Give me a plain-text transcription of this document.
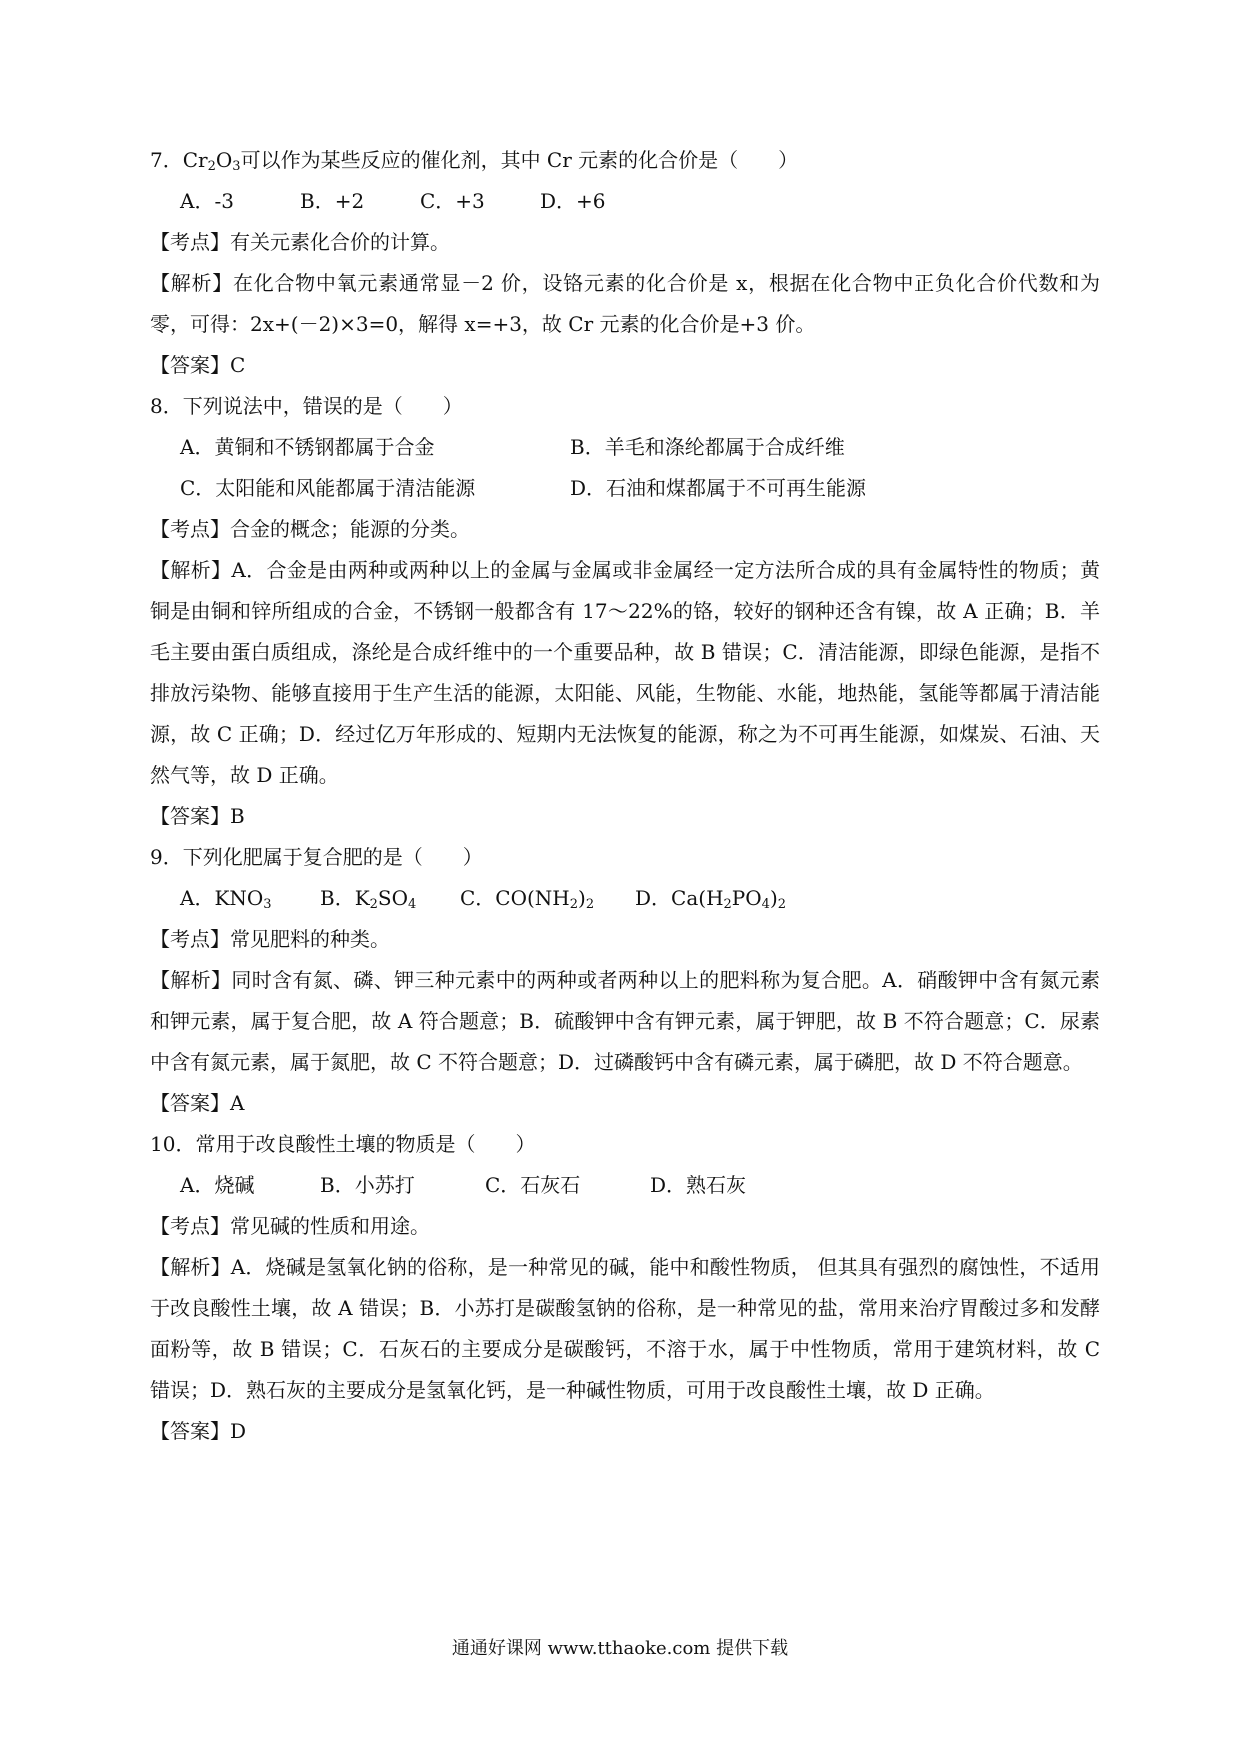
7．$Cr_2O_3$可以作为某些反应的催化剂，其中 Cr 元素的化合价是（　　）
A．-3	B．+2	C．+3	D．+6
【考点】有关元素化合价的计算。
【解析】在化合物中氧元素通常显－2 价，设铬元素的化合价是 x，根据在化合物中正负化合价代数和为零，可得：2x+(－2)×3=0，解得 x=+3，故 Cr 元素的化合价是+3 价。
【答案】C
8．下列说法中，错误的是（　　）
A．黄铜和不锈钢都属于合金	B．羊毛和涤纶都属于合成纤维
C．太阳能和风能都属于清洁能源	D．石油和煤都属于不可再生能源
【考点】合金的概念；能源的分类。
【解析】A．合金是由两种或两种以上的金属与金属或非金属经一定方法所合成的具有金属特性的物质；黄铜是由铜和锌所组成的合金，不锈钢一般都含有 17～22%的铬，较好的钢种还含有镍，故 A 正确；B．羊毛主要由蛋白质组成，涤纶是合成纤维中的一个重要品种，故 B 错误；C．清洁能源，即绿色能源，是指不排放污染物、能够直接用于生产生活的能源，太阳能、风能，生物能、水能，地热能，氢能等都属于清洁能源，故 C 正确；D．经过亿万年形成的、短期内无法恢复的能源，称之为不可再生能源，如煤炭、石油、天然气等，故 D 正确。
【答案】B
9．下列化肥属于复合肥的是（　　）
A．$KNO_3$ B．$K_2SO_4$ C．$CO(NH_2)_2$ D．$Ca(H_2PO_4)_2$
【考点】常见肥料的种类。
【解析】同时含有氮、磷、钾三种元素中的两种或者两种以上的肥料称为复合肥。A．硝酸钾中含有氮元素和钾元素，属于复合肥，故 A 符合题意；B．硫酸钾中含有钾元素，属于钾肥，故 B 不符合题意；C．尿素中含有氮元素，属于氮肥，故 C 不符合题意；D．过磷酸钙中含有磷元素，属于磷肥，故 D 不符合题意。
【答案】A
10．常用于改良酸性土壤的物质是（　　）
A．烧碱	B．小苏打	C．石灰石	D．熟石灰
【考点】常见碱的性质和用途。
【解析】A．烧碱是氢氧化钠的俗称，是一种常见的碱，能中和酸性物质， 但其具有强烈的腐蚀性，不适用于改良酸性土壤，故 A 错误；B．小苏打是碳酸氢钠的俗称，是一种常见的盐，常用来治疗胃酸过多和发酵面粉等，故 B 错误；C．石灰石的主要成分是碳酸钙，不溶于水，属于中性物质，常用于建筑材料，故 C 错误；D．熟石灰的主要成分是氢氧化钙，是一种碱性物质，可用于改良酸性土壤，故 D 正确。
【答案】D
通通好课网 www.tthaoke.com 提供下载
